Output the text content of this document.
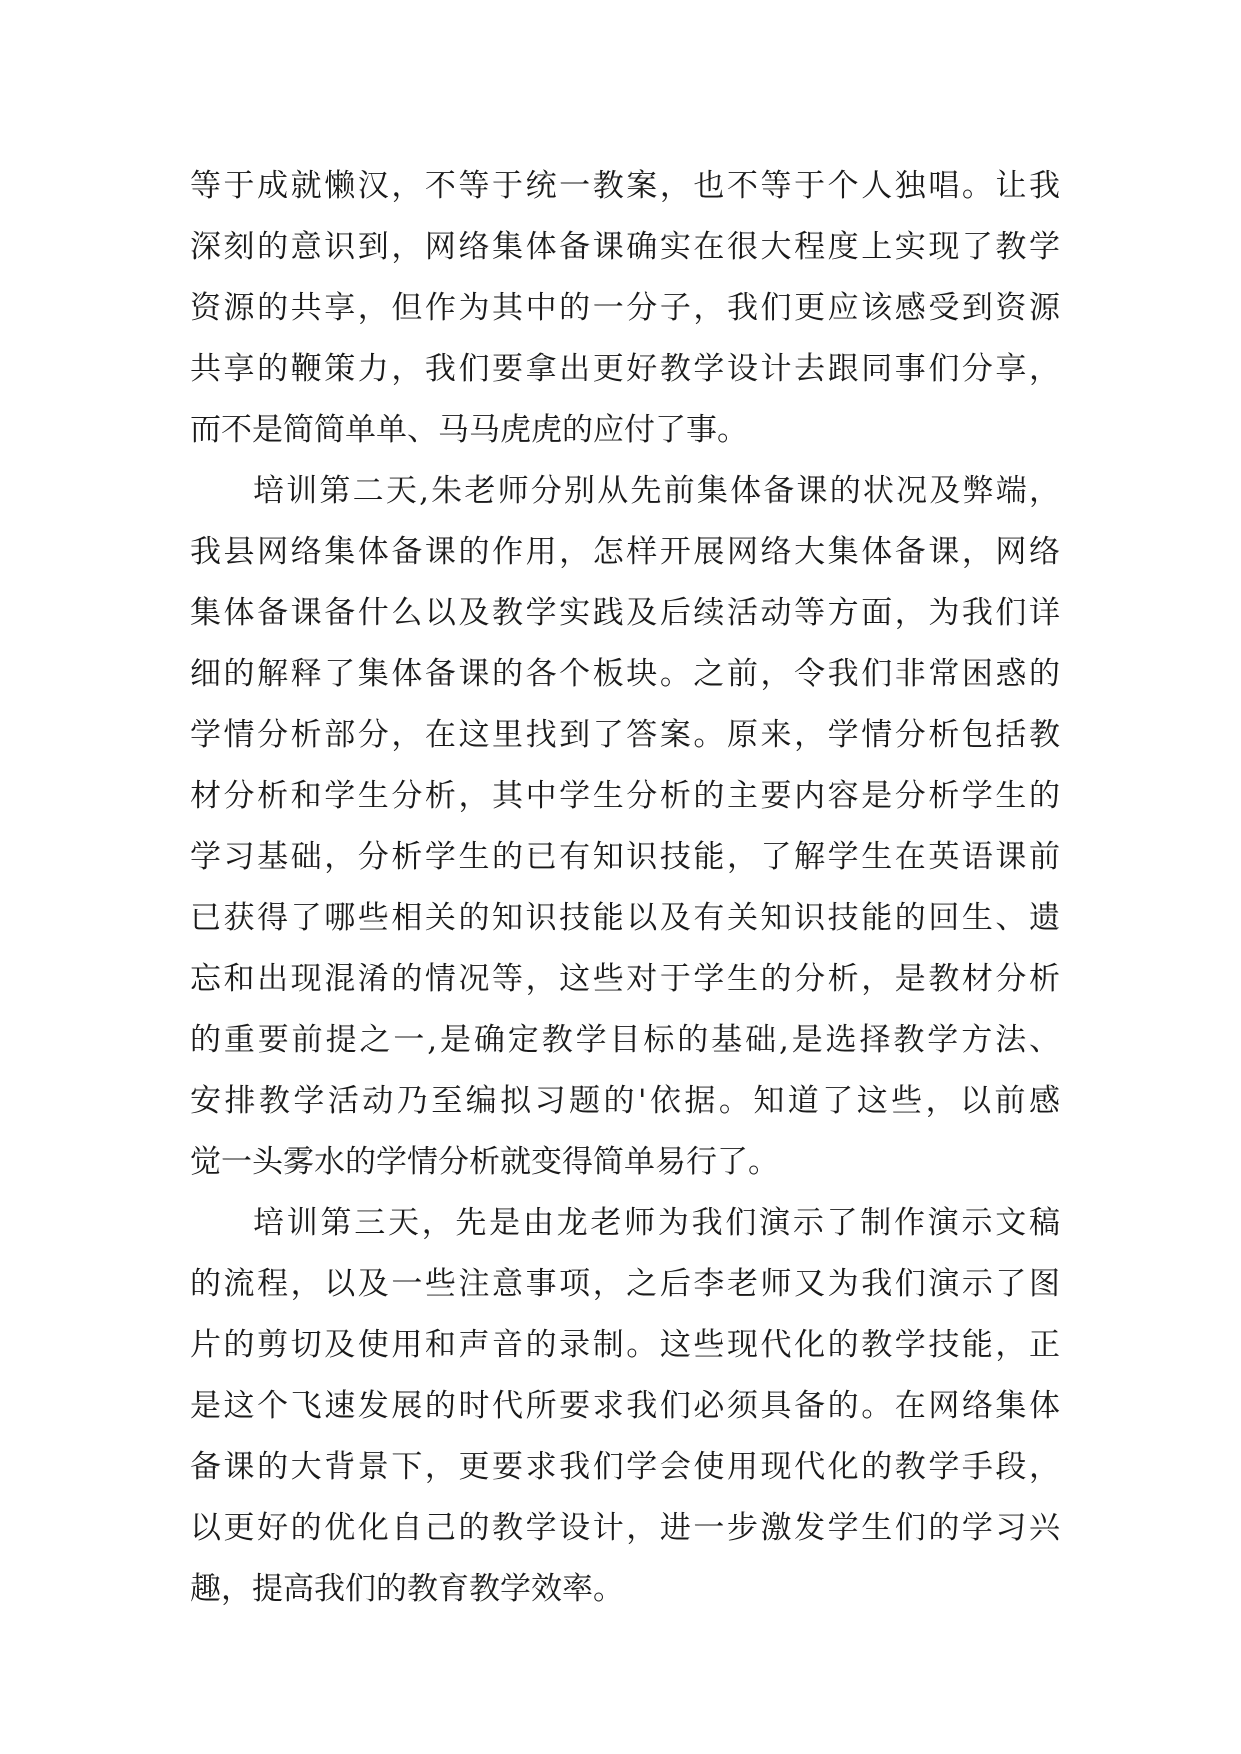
等于成就懒汉，不等于统一教案，也不等于个人独唱。让我
深刻的意识到，网络集体备课确实在很大程度上实现了教学
资源的共享，但作为其中的一分子，我们更应该感受到资源
共享的鞭策力，我们要拿出更好教学设计去跟同事们分享，
而不是简简单单、马马虎虎的应付了事。
培训第二天,朱老师分别从先前集体备课的状况及弊端，
我县网络集体备课的作用，怎样开展网络大集体备课，网络
集体备课备什么以及教学实践及后续活动等方面，为我们详
细的解释了集体备课的各个板块。之前，令我们非常困惑的
学情分析部分，在这里找到了答案。原来，学情分析包括教
材分析和学生分析，其中学生分析的主要内容是分析学生的
学习基础，分析学生的已有知识技能，了解学生在英语课前
已获得了哪些相关的知识技能以及有关知识技能的回生、遗
忘和出现混淆的情况等，这些对于学生的分析，是教材分析
的重要前提之一,是确定教学目标的基础,是选择教学方法、
安排教学活动乃至编拟习题的'依据。知道了这些，以前感
觉一头雾水的学情分析就变得简单易行了。
培训第三天，先是由龙老师为我们演示了制作演示文稿
的流程，以及一些注意事项，之后李老师又为我们演示了图
片的剪切及使用和声音的录制。这些现代化的教学技能，正
是这个飞速发展的时代所要求我们必须具备的。在网络集体
备课的大背景下，更要求我们学会使用现代化的教学手段，
以更好的优化自己的教学设计，进一步激发学生们的学习兴
趣，提高我们的教育教学效率。
